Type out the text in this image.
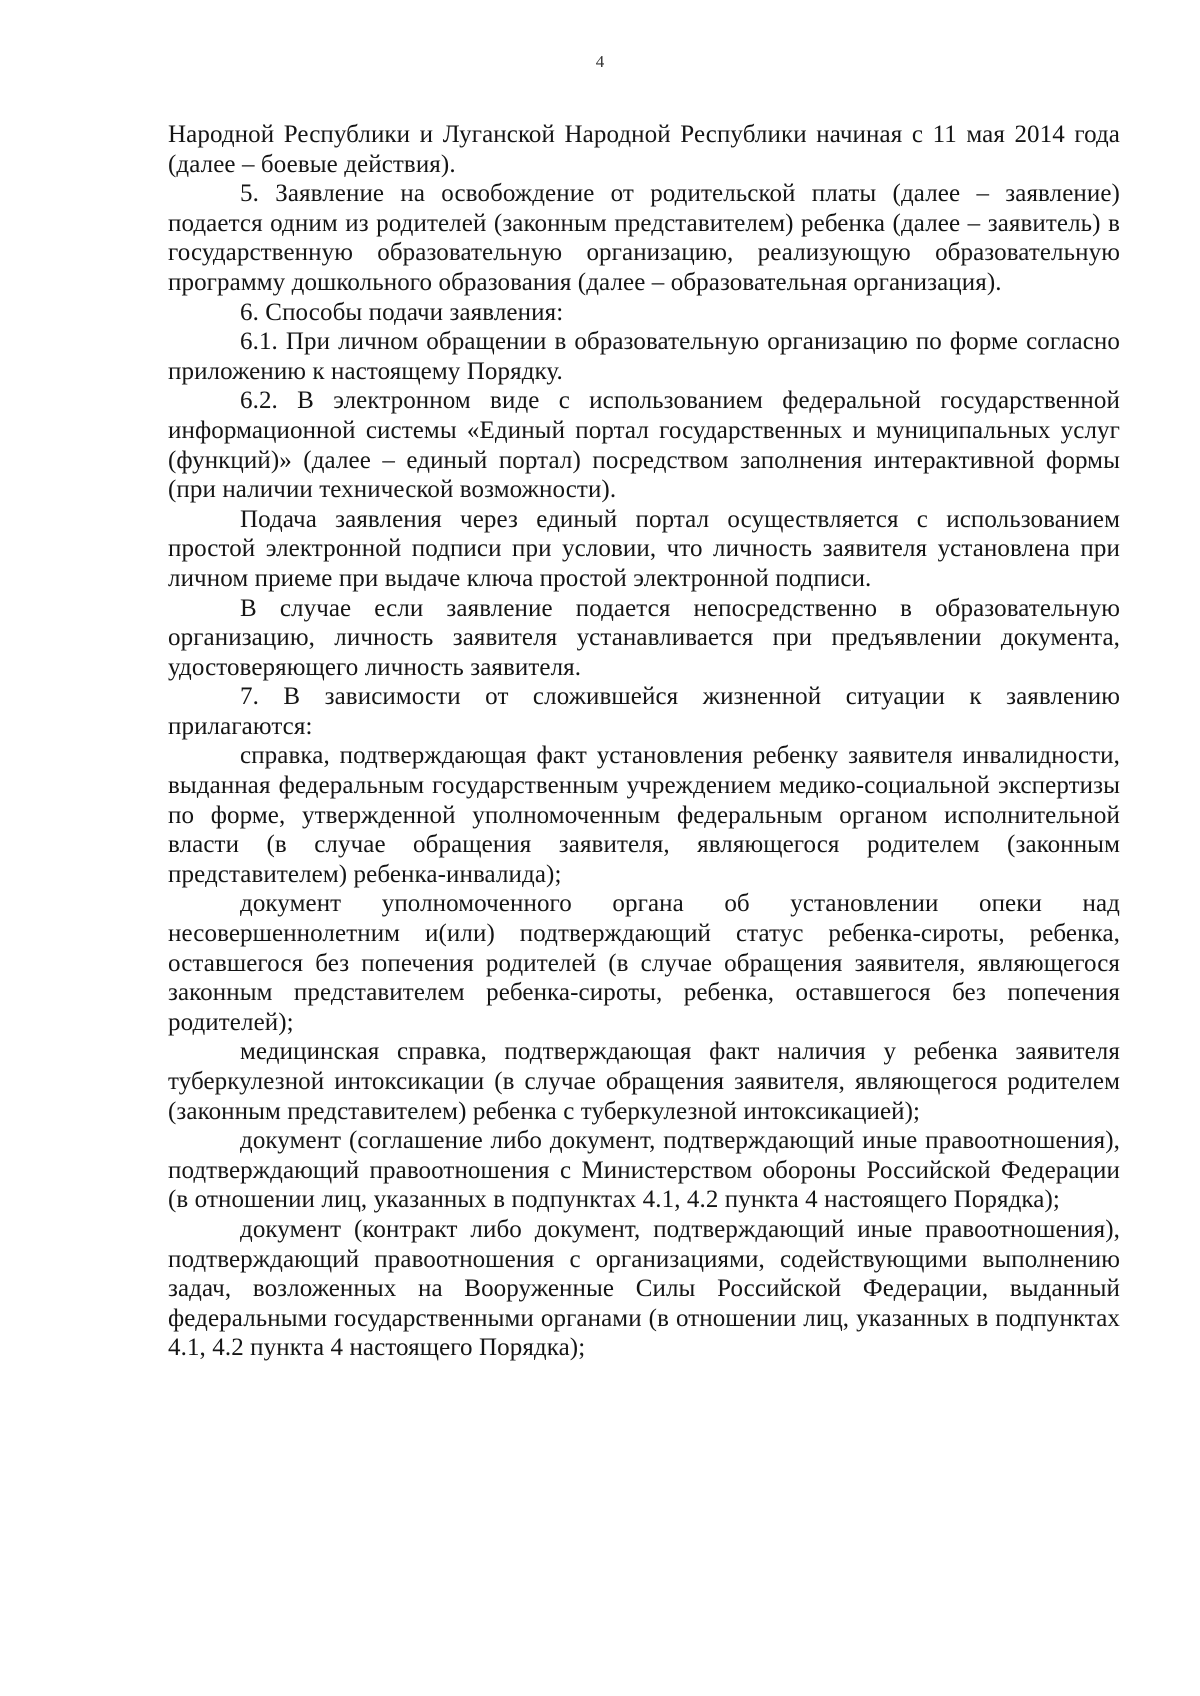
4

Народной Республики и Луганской Народной Республики начиная с 11 мая 2014 года (далее – боевые действия).

5. Заявление на освобождение от родительской платы (далее – заявление) подается одним из родителей (законным представителем) ребенка (далее – заявитель) в государственную образовательную организацию, реализующую образовательную программу дошкольного образования (далее – образовательная организация).

6. Способы подачи заявления:

6.1. При личном обращении в образовательную организацию по форме согласно приложению к настоящему Порядку.

6.2. В электронном виде с использованием федеральной государственной информационной системы «Единый портал государственных и муниципальных услуг (функций)» (далее – единый портал) посредством заполнения интерактивной формы (при наличии технической возможности).

Подача заявления через единый портал осуществляется с использованием простой электронной подписи при условии, что личность заявителя установлена при личном приеме при выдаче ключа простой электронной подписи.

В случае если заявление подается непосредственно в образовательную организацию, личность заявителя устанавливается при предъявлении документа, удостоверяющего личность заявителя.

7. В зависимости от сложившейся жизненной ситуации к заявлению прилагаются:

справка, подтверждающая факт установления ребенку заявителя инвалидности, выданная федеральным государственным учреждением медико-социальной экспертизы по форме, утвержденной уполномоченным федеральным органом исполнительной власти (в случае обращения заявителя, являющегося родителем (законным представителем) ребенка-инвалида);

документ уполномоченного органа об установлении опеки над несовершеннолетним и(или) подтверждающий статус ребенка-сироты, ребенка, оставшегося без попечения родителей (в случае обращения заявителя, являющегося законным представителем ребенка-сироты, ребенка, оставшегося без попечения родителей);

медицинская справка, подтверждающая факт наличия у ребенка заявителя туберкулезной интоксикации (в случае обращения заявителя, являющегося родителем (законным представителем) ребенка с туберкулезной интоксикацией);

документ (соглашение либо документ, подтверждающий иные правоотношения), подтверждающий правоотношения с Министерством обороны Российской Федерации (в отношении лиц, указанных в подпунктах 4.1, 4.2 пункта 4 настоящего Порядка);

документ (контракт либо документ, подтверждающий иные правоотношения), подтверждающий правоотношения с организациями, содействующими выполнению задач, возложенных на Вооруженные Силы Российской Федерации, выданный федеральными государственными органами (в отношении лиц, указанных в подпунктах 4.1, 4.2 пункта 4 настоящего Порядка);
